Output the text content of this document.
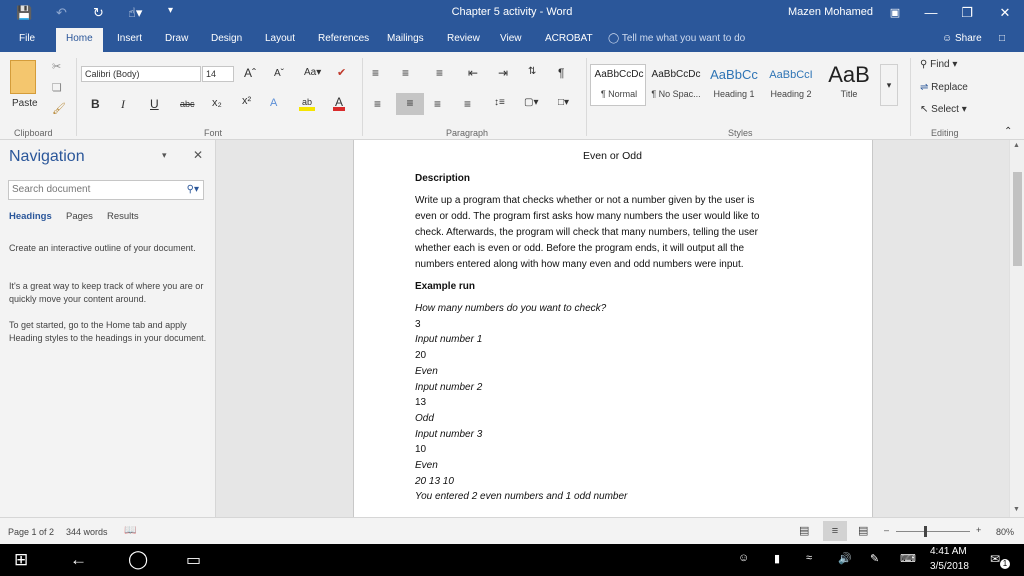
💾 ↶ ↻ ☝▾	▾	Chapter 5 activity - Word	Mazen Mohamed	▣	—	❐	✕
File	Home	Insert Draw Design Layout References Mailings Review View ACROBAT ◯ Tell me what you want to do	☺ Share □
Paste
✂
❏
🖌
Clipboard
Calibri (Body)	14	Aˆ Aˇ Aa▾ ✔
B I U abc x₂ x² A	ab A
Font
≡ ≡ ≡ ⇤ ⇥ ⇅ ¶
≡	≡	≡ ≡ ↕≡ ▢▾ □▾
Paragraph
AaBbCcDc
¶ Normal
AaBbCcDc
¶ No Spac...
AaBbCc
Heading 1
AaBbCcI
Heading 2
AaB
Title
▾
Styles
⚲ Find ▾
⇌ Replace
↖ Select ▾
Editing	⌃
Navigation	▾ ✕
Search document	⚲▾
Headings Pages Results
Create an interactive outline of your document.
It's a great way to keep track of where you are or quickly move your content around.
To get started, go to the Home tab and apply Heading styles to the headings in your document.
Even or Odd
Description
Write up a program that checks whether or not a number given by the user is
even or odd. The program first asks how many numbers the user would like to
check. Afterwards, the program will check that many numbers, telling the user
whether each is even or odd. Before the program ends, it will output all the
numbers entered along with how many even and odd numbers were input.
Example run
How many numbers do you want to check?
3
Input number 1
20
Even
Input number 2
13
Odd
Input number 3
10
Even
20 13 10
You entered 2 even numbers and 1 odd number
▲
▼
Page 1 of 2 344 words 📖	▤	≡	▤ –	+ 80%
⊞ ← ◯ ▭	☺ ▮ ≈ 🔊 ✎ ⌨
4:41 AM
3/5/2018
✉ 1
